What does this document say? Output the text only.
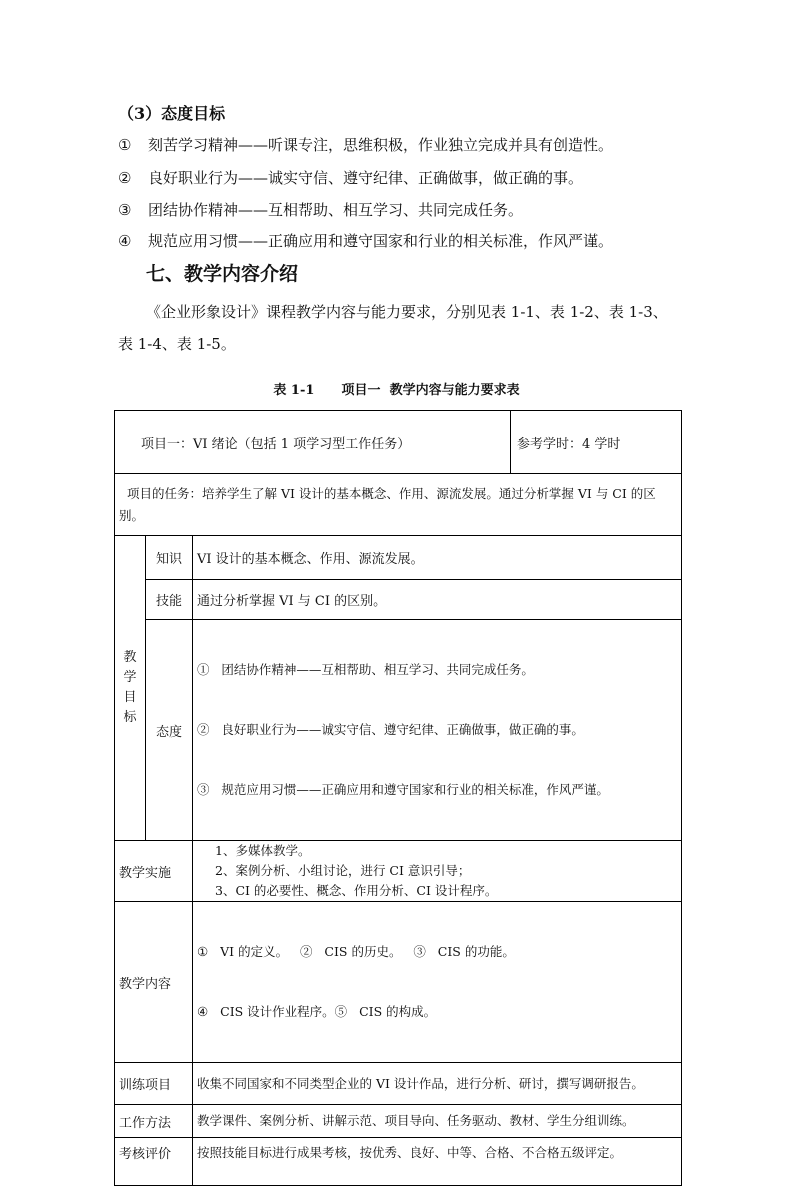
（3）态度目标
① 刻苦学习精神——听课专注，思维积极，作业独立完成并具有创造性。
② 良好职业行为——诚实守信、遵守纪律、正确做事，做正确的事。
③ 团结协作精神——互相帮助、相互学习、共同完成任务。
④ 规范应用习惯——正确应用和遵守国家和行业的相关标准，作风严谨。
七、教学内容介绍
《企业形象设计》课程教学内容与能力要求，分别见表 1-1、表 1-2、表 1-3、
表 1-4、表 1-5。
表 1-1      项目一  教学内容与能力要求表
项目一：VI 绪论（包括 1 项学习型工作任务）			参考学时：4 学时
项目的任务：培养学生了解 VI 设计的基本概念、作用、源流发展。通过分析掌握 VI 与 CI 的区别。			

教
学
目
标	知识	VI 设计的基本概念、作用、源流发展。	
	技能	通过分析掌握 VI 与 CI 的区别。	
	态度	①   团结协作精神——互相帮助、相互学习、共同完成任务。

②   良好职业行为——诚实守信、遵守纪律、正确做事，做正确的事。

③   规范应用习惯——正确应用和遵守国家和行业的相关标准，作风严谨。	

教学实施		1、多媒体教学。
2、案例分析、小组讨论，进行 CI 意识引导；
3、CI 的必要性、概念、作用分析、CI 设计程序。	

教学内容		①   VI 的定义。   ②   CIS 的历史。   ③   CIS 的功能。

④   CIS 设计作业程序。⑤   CIS 的构成。	

训练项目		收集不同国家和不同类型企业的 VI 设计作品，进行分析、研讨，撰写调研报告。	
工作方法		教学课件、案例分析、讲解示范、项目导向、任务驱动、教材、学生分组训练。	
考核评价		按照技能目标进行成果考核，按优秀、良好、中等、合格、不合格五级评定。	
